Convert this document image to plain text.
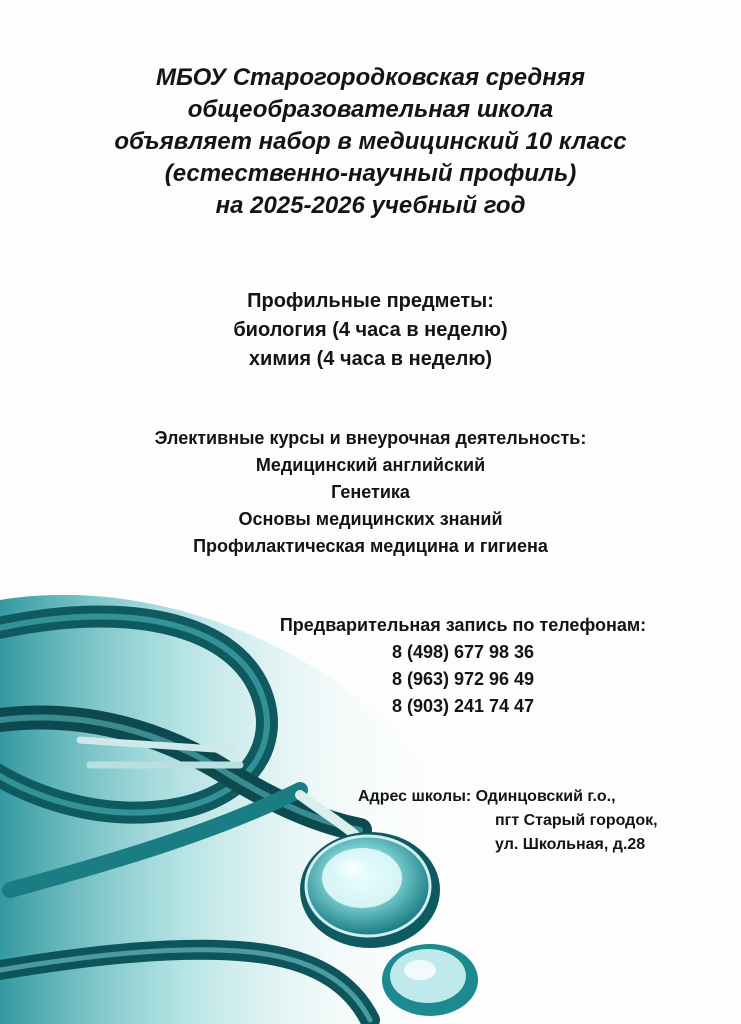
МБОУ Старогородковская средняя
общеобразовательная школа
объявляет набор в медицинский 10 класс
(естественно-научный профиль)
на 2025-2026 учебный год
Профильные предметы:
биология (4 часа в неделю)
химия (4 часа в неделю)
Элективные курсы и внеурочная деятельность:
Медицинский английский
Генетика
Основы медицинских знаний
Профилактическая медицина и гигиена
Предварительная запись по телефонам:
8 (498) 677 98 36
8 (963) 972 96 49
8 (903) 241 74 47
Адрес школы: Одинцовский г.о.,
пгт Старый городок,
ул. Школьная, д.28
